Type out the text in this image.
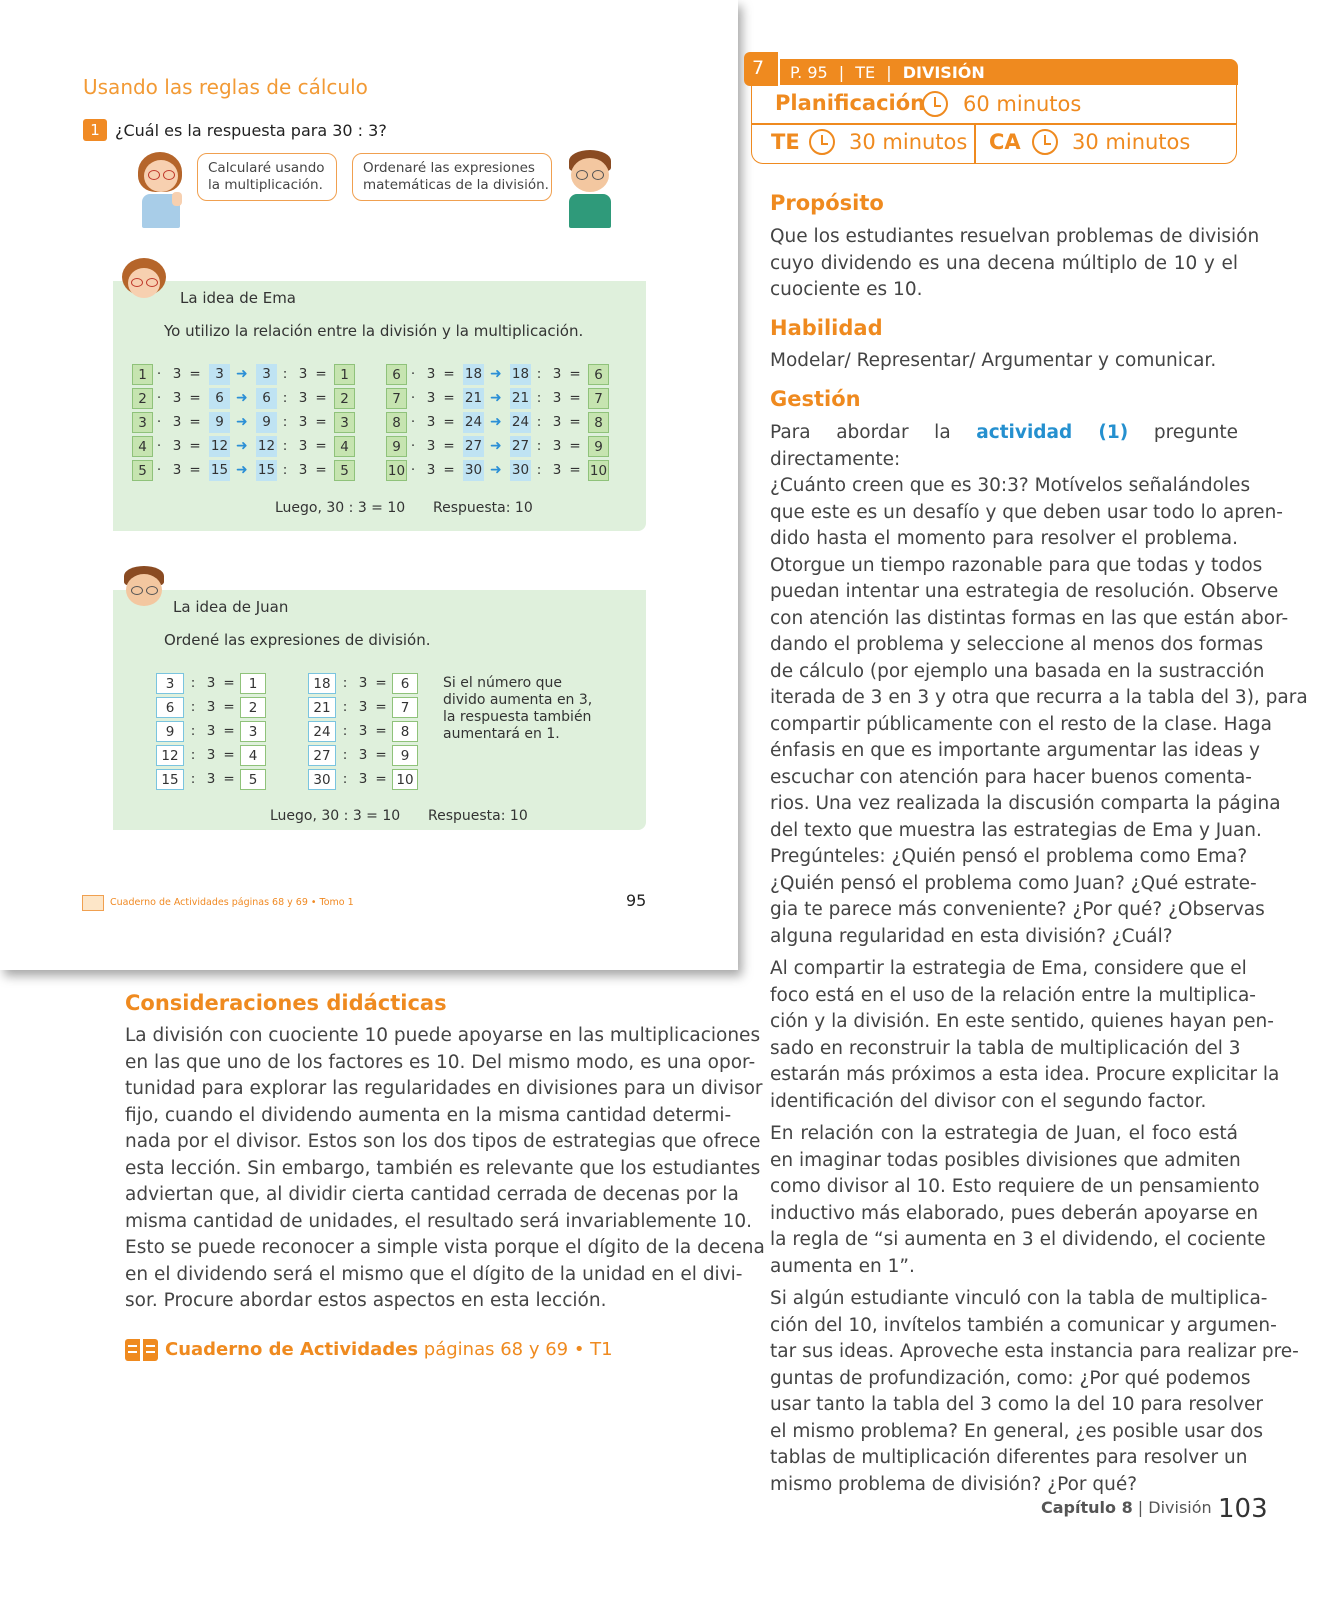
Usando las reglas de cálculo
1 ¿Cuál es la respuesta para 30 : 3?
Calcularé usando
la multiplicación.
Ordenaré las expresiones
matemáticas de la división.
La idea de Ema
Yo utilizo la relación entre la división y la multiplicación.
1 · 3 =	3 ➜	3 : 3 =	1
2 · 3 =	6 ➜	6 : 3 =	2
3 · 3 =	9 ➜	9 : 3 =	3
4 · 3 = 12 ➜ 12 : 3 =	4
5 · 3 = 15 ➜ 15 : 3 =	5
6 · 3 = 18 ➜ 18 : 3 =	6
7 · 3 = 21 ➜ 21 : 3 =	7
8 · 3 = 24 ➜ 24 : 3 =	8
9 · 3 = 27 ➜ 27 : 3 =	9
10 · 3 = 30 ➜ 30 : 3 = 10
Luego, 30 : 3 = 10 Respuesta: 10
La idea de Juan
Ordené las expresiones de división.
3	: 3 =	1
6	: 3 =	2
9	: 3 =	3
12 : 3 =	4
15 : 3 =	5
18 : 3 =	6
21 : 3 =	7
24 : 3 =	8
27 : 3 =	9
30 : 3 = 10
Si el número que
divido aumenta en 3,
la respuesta también
aumentará en 1.
Luego, 30 : 3 = 10 Respuesta: 10
Cuaderno de Actividades páginas 68 y 69 • Tomo 1	95
Consideraciones didácticas
La división con cuociente 10 puede apoyarse en las multiplicaciones
en las que uno de los factores es 10. Del mismo modo, es una opor-
tunidad para explorar las regularidades en divisiones para un divisor
fijo, cuando el dividendo aumenta en la misma cantidad determi-
nada por el divisor. Estos son los dos tipos de estrategias que ofrece
esta lección. Sin embargo, también es relevante que los estudiantes
adviertan que, al dividir cierta cantidad cerrada de decenas por la
misma cantidad de unidades, el resultado será invariablemente 10.
Esto se puede reconocer a simple vista porque el dígito de la decena
en el dividendo será el mismo que el dígito de la unidad en el divi-
sor. Procure abordar estos aspectos en esta lección.
Cuaderno de Actividades páginas 68 y 69 • T1
7 P. 95 | TE | DIVISIÓN
Planificación 60 minutos
TE 30 minutos CA 30 minutos
Propósito
Que los estudiantes resuelvan problemas de división
cuyo dividendo es una decena múltiplo de 10 y el
cuociente es 10.
Habilidad
Modelar/ Representar/ Argumentar y comunicar.
Gestión
Para abordar la actividad (1) pregunte directamente:
¿Cuánto creen que es 30:3? Motívelos señalándoles
que este es un desafío y que deben usar todo lo apren-
dido hasta el momento para resolver el problema.
Otorgue un tiempo razonable para que todas y todos
puedan intentar una estrategia de resolución. Observe
con atención las distintas formas en las que están abor-
dando el problema y seleccione al menos dos formas
de cálculo (por ejemplo una basada en la sustracción
iterada de 3 en 3 y otra que recurra a la tabla del 3), para
compartir públicamente con el resto de la clase. Haga
énfasis en que es importante argumentar las ideas y
escuchar con atención para hacer buenos comenta-
rios. Una vez realizada la discusión comparta la página
del texto que muestra las estrategias de Ema y Juan.
Pregúnteles: ¿Quién pensó el problema como Ema?
¿Quién pensó el problema como Juan? ¿Qué estrate-
gia te parece más conveniente? ¿Por qué? ¿Observas
alguna regularidad en esta división? ¿Cuál?
Al compartir la estrategia de Ema, considere que el
foco está en el uso de la relación entre la multiplica-
ción y la división. En este sentido, quienes hayan pen-
sado en reconstruir la tabla de multiplicación del 3
estarán más próximos a esta idea. Procure explicitar la
identificación del divisor con el segundo factor.
En relación con la estrategia de Juan, el foco está
en imaginar todas posibles divisiones que admiten
como divisor al 10. Esto requiere de un pensamiento
inductivo más elaborado, pues deberán apoyarse en
la regla de “si aumenta en 3 el dividendo, el cociente
aumenta en 1”.
Si algún estudiante vinculó con la tabla de multiplica-
ción del 10, invítelos también a comunicar y argumen-
tar sus ideas. Aproveche esta instancia para realizar pre-
guntas de profundización, como: ¿Por qué podemos
usar tanto la tabla del 3 como la del 10 para resolver
el mismo problema? En general, ¿es posible usar dos
tablas de multiplicación diferentes para resolver un
mismo problema de división? ¿Por qué?
Capítulo 8 | División 103
